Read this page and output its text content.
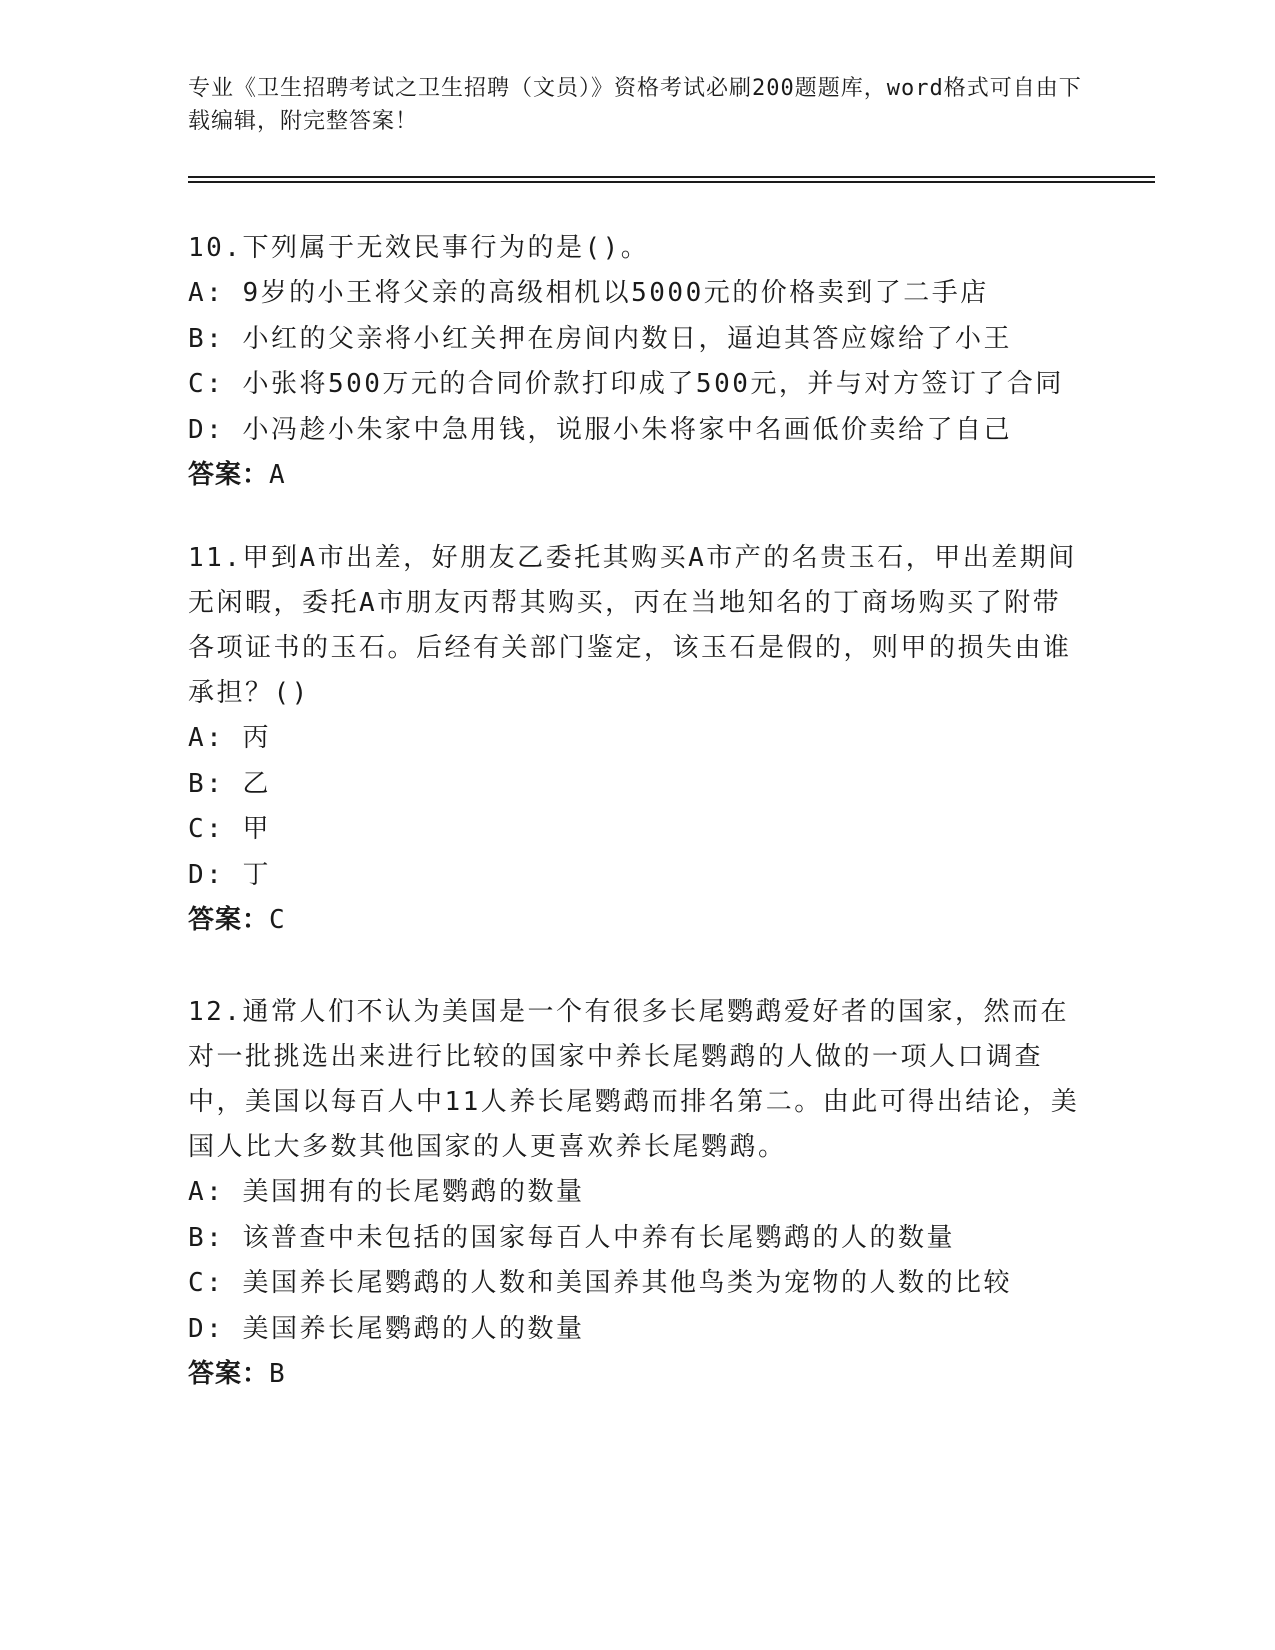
专业《卫生招聘考试之卫生招聘（文员）》资格考试必刷200题题库，word格式可自由下载编辑，附完整答案！

10.下列属于无效民事行为的是()。

A: 9岁的小王将父亲的高级相机以5000元的价格卖到了二手店

B: 小红的父亲将小红关押在房间内数日，逼迫其答应嫁给了小王

C: 小张将500万元的合同价款打印成了500元，并与对方签订了合同

D: 小冯趁小朱家中急用钱，说服小朱将家中名画低价卖给了自己

答案：A

11.甲到A市出差，好朋友乙委托其购买A市产的名贵玉石，甲出差期间无闲暇，委托A市朋友丙帮其购买，丙在当地知名的丁商场购买了附带各项证书的玉石。后经有关部门鉴定，该玉石是假的，则甲的损失由谁承担？()

A: 丙

B: 乙

C: 甲

D: 丁

答案：C

12.通常人们不认为美国是一个有很多长尾鹦鹉爱好者的国家，然而在对一批挑选出来进行比较的国家中养长尾鹦鹉的人做的一项人口调查中，美国以每百人中11人养长尾鹦鹉而排名第二。由此可得出结论，美国人比大多数其他国家的人更喜欢养长尾鹦鹉。

A: 美国拥有的长尾鹦鹉的数量

B: 该普查中未包括的国家每百人中养有长尾鹦鹉的人的数量

C: 美国养长尾鹦鹉的人数和美国养其他鸟类为宠物的人数的比较

D: 美国养长尾鹦鹉的人的数量

答案：B
